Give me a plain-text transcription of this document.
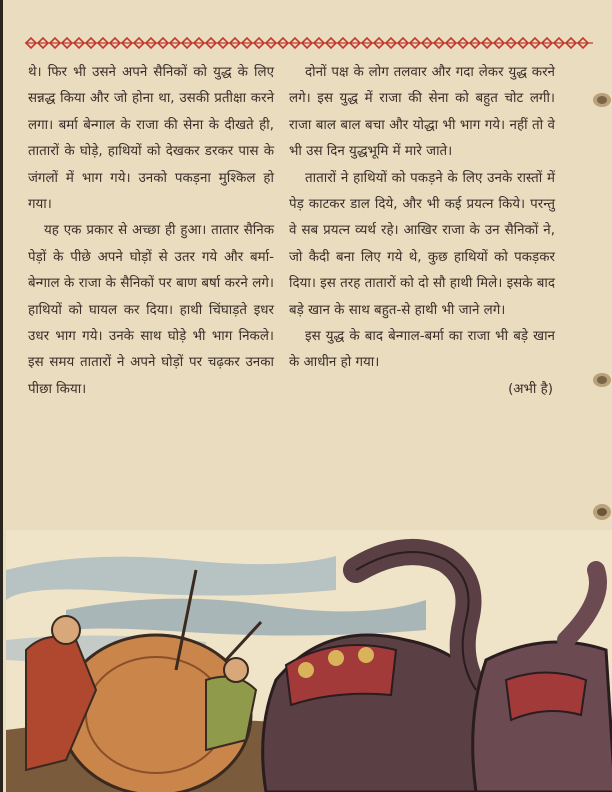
थे। फिर भी उसने अपने सैनिकों को युद्ध के लिए सन्नद्ध किया और जो होना था, उसकी प्रतीक्षा करने लगा। बर्मा बेन्गाल के राजा की सेना के दीखते ही, तातारों के घोड़े, हाथियों को देखकर डरकर पास के जंगलों में भाग गये। उनको पकड़ना मुश्किल हो गया।

यह एक प्रकार से अच्छा ही हुआ। तातार सैनिक पेड़ों के पीछे अपने घोड़ों से उतर गये और बर्मा-बेन्गाल के राजा के सैनिकों पर बाण बर्षा करने लगे। हाथियों को घायल कर दिया। हाथी चिंघाड़ते इधर उधर भाग गये। उनके साथ घोड़े भी भाग निकले। इस समय तातारों ने अपने घोड़ों पर चढ़कर उनका पीछा किया।

दोनों पक्ष के लोग तलवार और गदा लेकर युद्ध करने लगे। इस युद्ध में राजा की सेना को बहुत चोट लगी। राजा बाल बाल बचा और योद्धा भी भाग गये। नहीं तो वे भी उस दिन युद्धभूमि में मारे जाते।

तातारों ने हाथियों को पकड़ने के लिए उनके रास्तों में पेड़ काटकर डाल दिये, और भी कई प्रयत्न किये। परन्तु वे सब प्रयत्न व्यर्थ रहे। आखिर राजा के उन सैनिकों ने, जो कैदी बना लिए गये थे, कुछ हाथियों को पकड़कर दिया। इस तरह तातारों को दो सौ हाथी मिले। इसके बाद बड़े खान के साथ बहुत-से हाथी भी जाने लगे।

इस युद्ध के बाद बेन्गाल-बर्मा का राजा भी बड़े खान के आधीन हो गया।

(अभी है)
